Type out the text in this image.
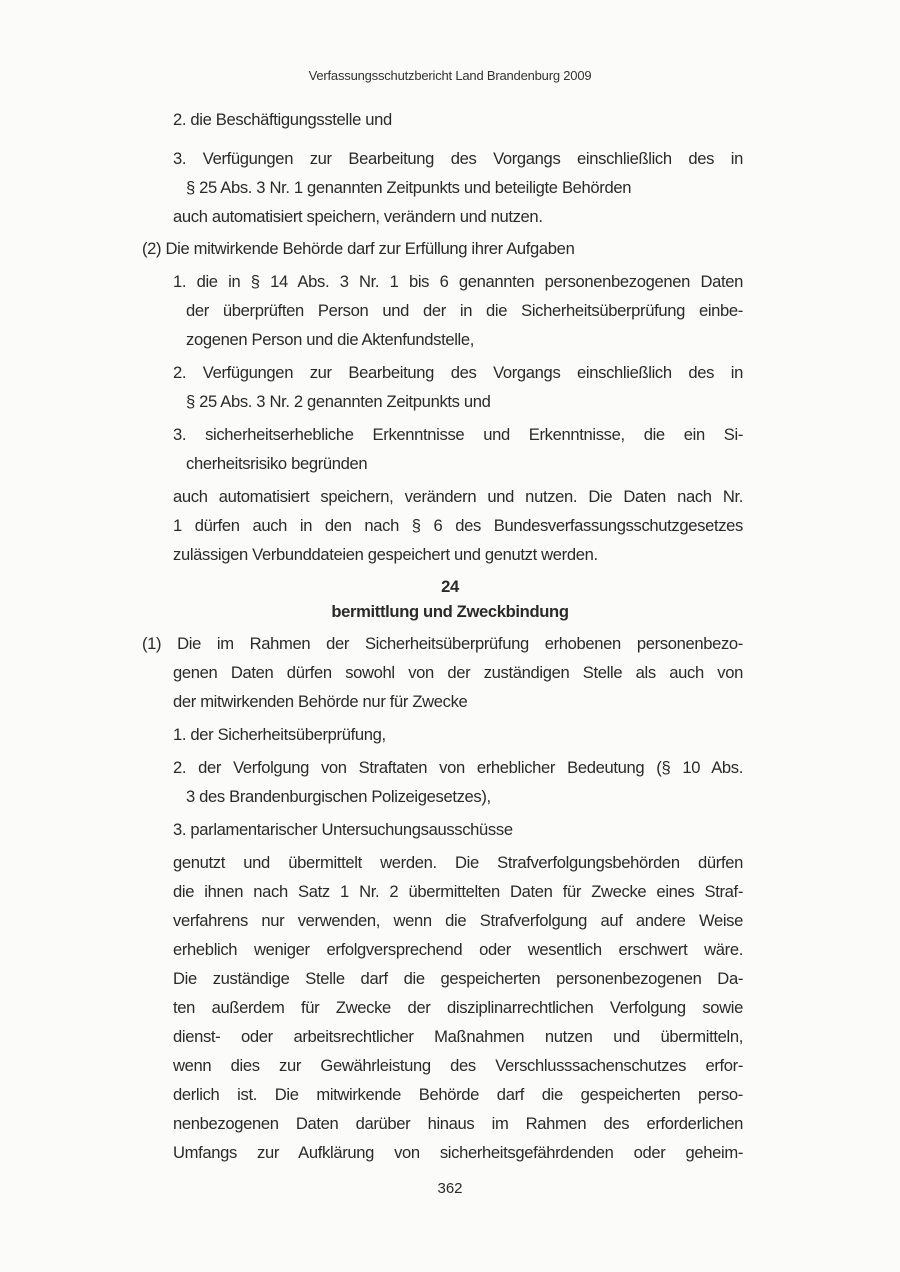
Verfassungsschutzbericht Land Brandenburg 2009
2. die Beschäftigungsstelle und
3. Verfügungen zur Bearbeitung des Vorgangs einschließlich des in
§ 25 Abs. 3 Nr. 1 genannten Zeitpunkts und beteiligte Behörden
auch automatisiert speichern, verändern und nutzen.
(2) Die mitwirkende Behörde darf zur Erfüllung ihrer Aufgaben
1. die in § 14 Abs. 3 Nr. 1 bis 6 genannten personenbezogenen Daten
der überprüften Person und der in die Sicherheitsüberprüfung einbe-
zogenen Person und die Aktenfundstelle,
2. Verfügungen zur Bearbeitung des Vorgangs einschließlich des in
§ 25 Abs. 3 Nr. 2 genannten Zeitpunkts und
3. sicherheitserhebliche Erkenntnisse und Erkenntnisse, die ein Si-
cherheitsrisiko begründen
auch automatisiert speichern, verändern und nutzen. Die Daten nach Nr.
1 dürfen auch in den nach § 6 des Bundesverfassungsschutzgesetzes
zulässigen Verbunddateien gespeichert und genutzt werden.
24
bermittlung und Zweckbindung
(1) Die im Rahmen der Sicherheitsüberprüfung erhobenen personenbezo-
genen Daten dürfen sowohl von der zuständigen Stelle als auch von
der mitwirkenden Behörde nur für Zwecke
1. der Sicherheitsüberprüfung,
2. der Verfolgung von Straftaten von erheblicher Bedeutung (§ 10 Abs.
3 des Brandenburgischen Polizeigesetzes),
3. parlamentarischer Untersuchungsausschüsse
genutzt und übermittelt werden. Die Strafverfolgungsbehörden dürfen
die ihnen nach Satz 1 Nr. 2 übermittelten Daten für Zwecke eines Straf-
verfahrens nur verwenden, wenn die Strafverfolgung auf andere Weise
erheblich weniger erfolgversprechend oder wesentlich erschwert wäre.
Die zuständige Stelle darf die gespeicherten personenbezogenen Da-
ten außerdem für Zwecke der disziplinarrechtlichen Verfolgung sowie
dienst- oder arbeitsrechtlicher Maßnahmen nutzen und übermitteln,
wenn dies zur Gewährleistung des Verschlusssachenschutzes erfor-
derlich ist. Die mitwirkende Behörde darf die gespeicherten perso-
nenbezogenen Daten darüber hinaus im Rahmen des erforderlichen
Umfangs zur Aufklärung von sicherheitsgefährdenden oder geheim-
362
